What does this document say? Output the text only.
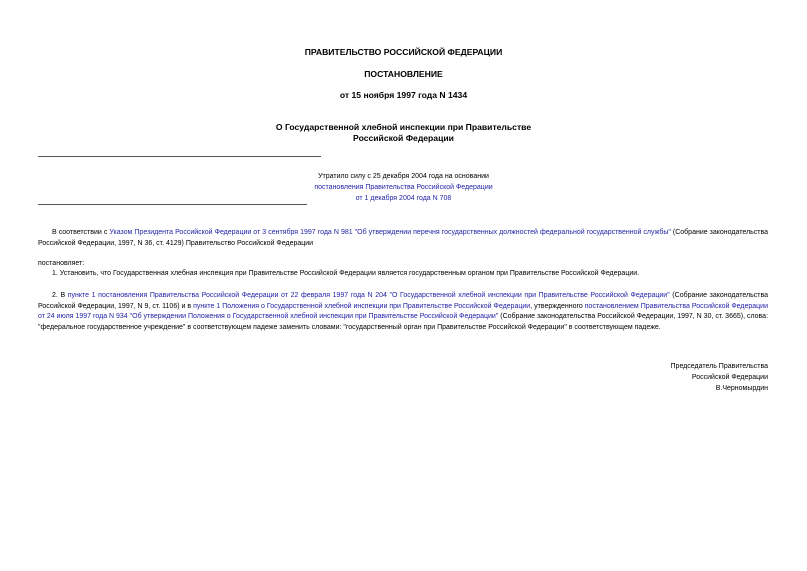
ПРАВИТЕЛЬСТВО РОССИЙСКОЙ ФЕДЕРАЦИИ
ПОСТАНОВЛЕНИЕ
от 15 ноября 1997 года N 1434
О Государственной хлебной инспекции при Правительстве
Российской Федерации
Утратило силу с 25 декабря 2004 года на основании
постановления Правительства Российской Федерации
от 1 декабря 2004 года N 708

В соответствии с Указом Президента Российской Федерации от 3 сентября 1997 года N 981 "Об утверждении перечня государственных должностей федеральной государственной службы" (Собрание законодательства Российской Федерации, 1997, N 36, ст. 4129) Правительство Российской Федерации

постановляет:

1. Установить, что Государственная хлебная инспекция при Правительстве Российской Федерации является государственным органом при Правительстве Российской Федерации.

2. В пункте 1 постановления Правительства Российской Федерации от 22 февраля 1997 года N 204 "О Государственной хлебной инспекции при Правительстве Российской Федерации" (Собрание законодательства Российской Федерации, 1997, N 9, ст. 1106) и в пункте 1 Положения о Государственной хлебной инспекции при Правительстве Российской Федерации, утвержденного постановлением Правительства Российской Федерации от 24 июля 1997 года N 934 "Об утверждении Положения о Государственной хлебной инспекции при Правительстве Российской Федерации" (Собрание законодательства Российской Федерации, 1997, N 30, ст. 3665), слова: "федеральное государственное учреждение" в соответствующем падеже заменить словами: "государственный орган при Правительстве Российской Федерации" в соответствующем падеже.

Председатель Правительства
Российской Федерации
В.Черномырдин
